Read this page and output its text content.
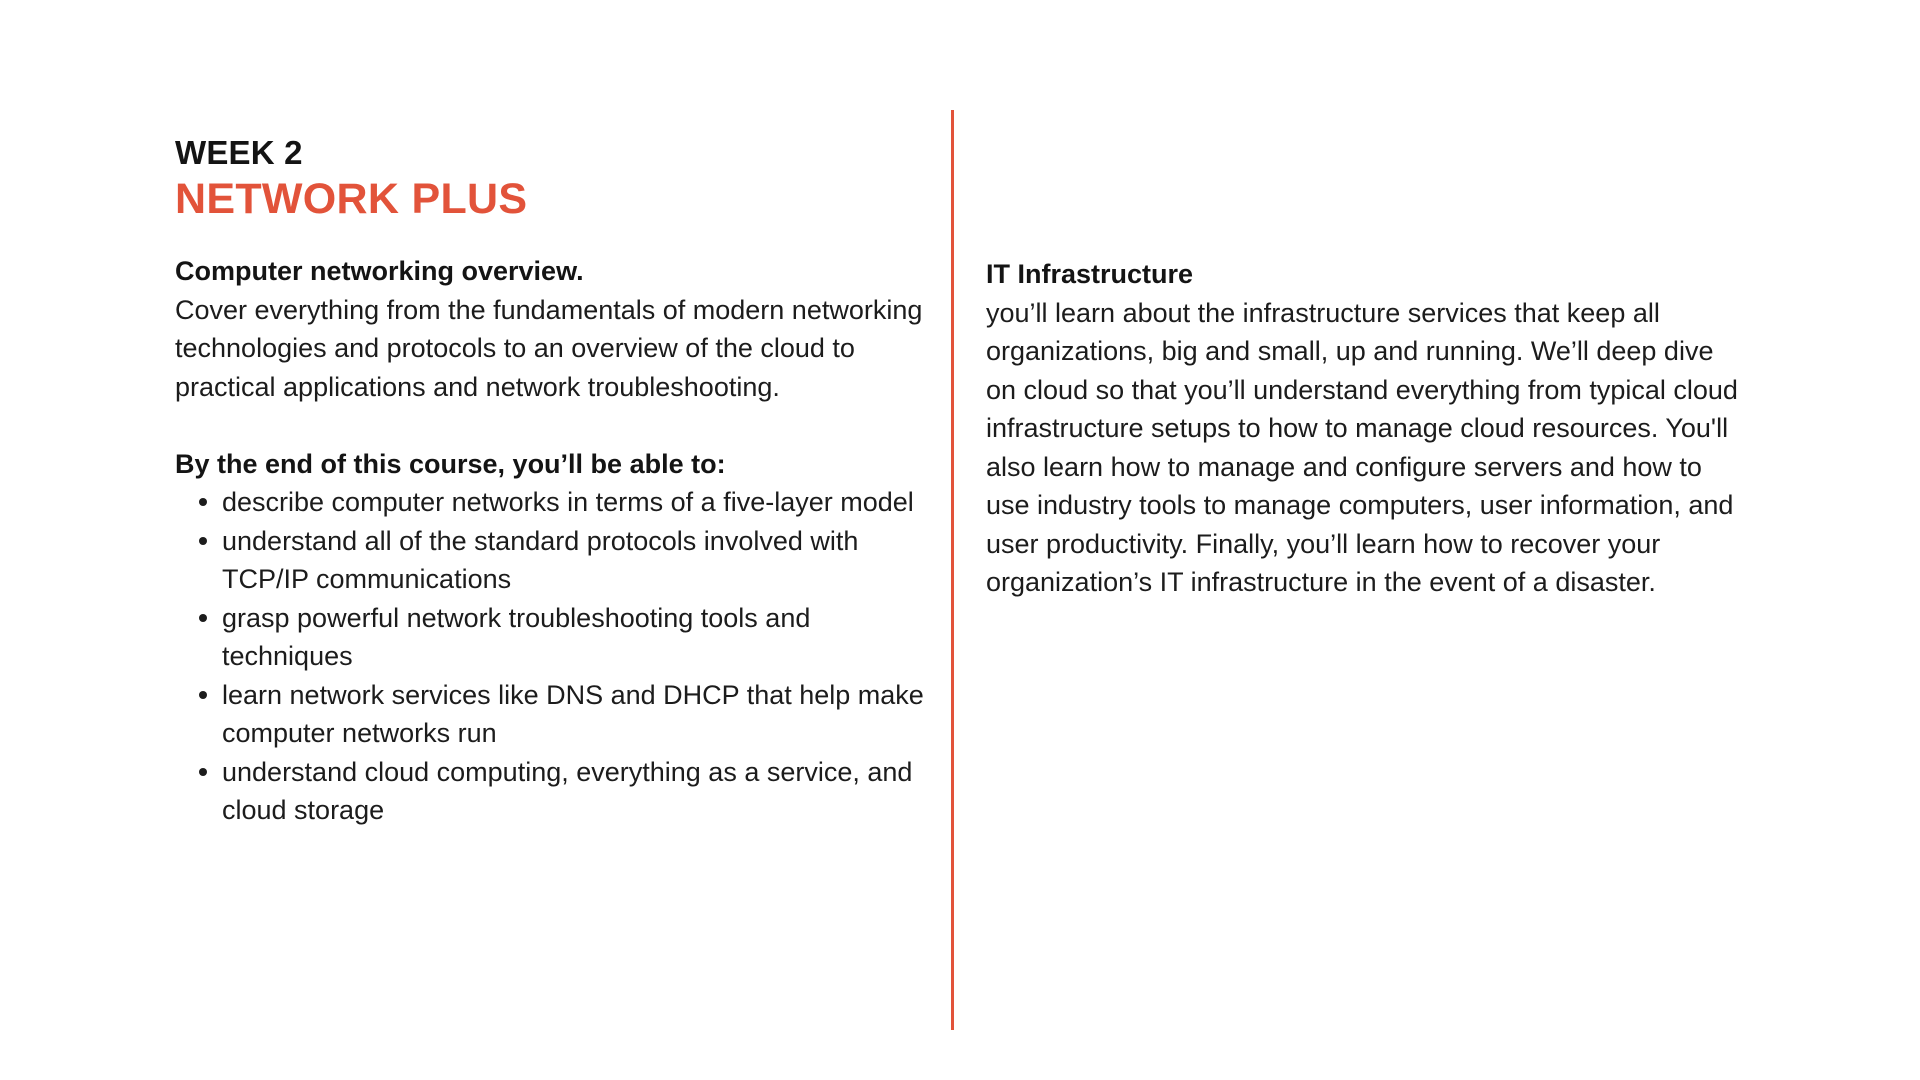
WEEK 2
NETWORK PLUS
Computer networking overview.
Cover everything from the fundamentals of modern networking technologies and protocols to an overview of the cloud to practical applications and network troubleshooting.
By the end of this course, you’ll be able to:
describe computer networks in terms of a five-layer model
understand all of the standard protocols involved with TCP/IP communications
grasp powerful network troubleshooting tools and techniques
learn network services like DNS and DHCP that help make computer networks run
understand cloud computing, everything as a service, and cloud storage
IT Infrastructure
you’ll learn about the infrastructure services that keep all organizations, big and small, up and running. We’ll deep dive on cloud so that you’ll understand everything from typical cloud infrastructure setups to how to manage cloud resources. You'll also learn how to manage and configure servers and how to use industry tools to manage computers, user information, and user productivity. Finally, you’ll learn how to recover your organization’s IT infrastructure in the event of a disaster.
